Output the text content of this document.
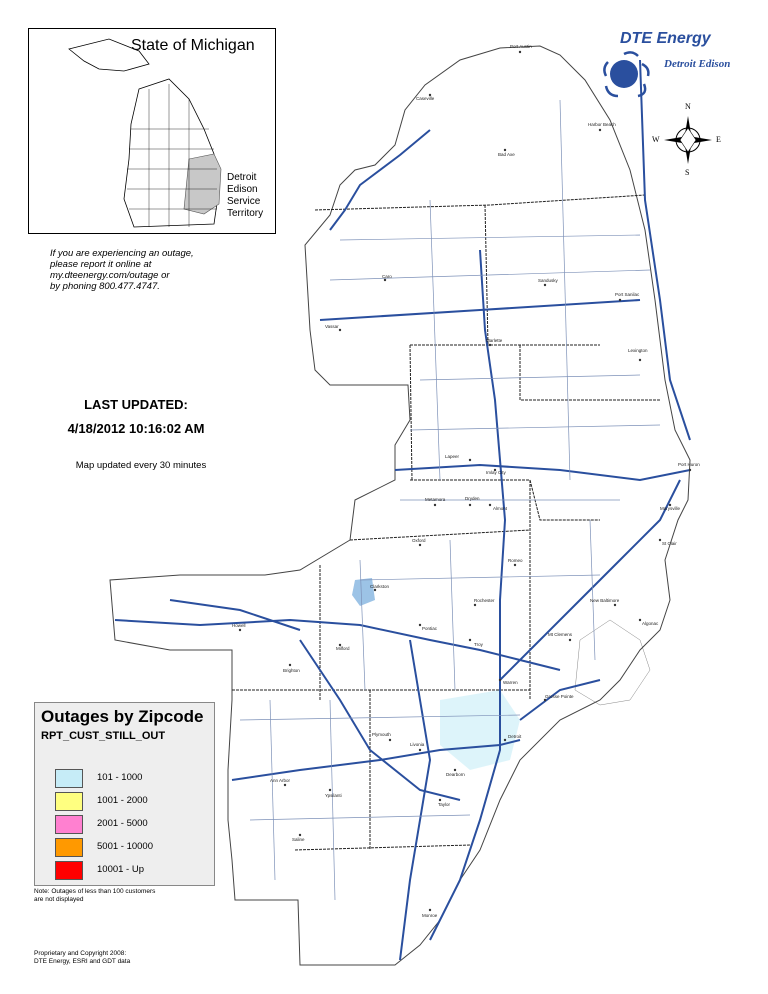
Port Austin
Caseville
Bad Axe
Harbor Beach
Port Sanilac
Lexington
Sandusky
Caro
Vassar
Marlette
Lapeer
Imlay City
Port Huron
Marysville
Oxford
Rochester
Clarkston
Pontiac
Howell
Brighton
Milford
Warren
Troy
Livonia
Plymouth
Ann Arbor
Ypsilanti
Dearborn
Taylor
Saline
Monroe
Detroit
Grosse Pointe
Mt Clemens
New Baltimore
Algonac
St Clair
Romeo
Almont
Dryden
Metamora
State of Michigan
Detroit
Edison
Service
Territory
DTE Energy
Detroit Edison
N
S
E
W
If you are experiencing an outage,
please report it online at
my.dteenergy.com/outage or
by phoning 800.477.4747.
LAST UPDATED:
4/18/2012 10:16:02 AM
Map updated every 30 minutes
Outages by Zipcode
RPT_CUST_STILL_OUT
101 - 1000
1001 - 2000
2001 - 5000
5001 - 10000
10001 - Up
Note: Outages of less than 100 customers
are not displayed
Proprietary and Copyright 2008:
DTE Energy, ESRI and GDT data
